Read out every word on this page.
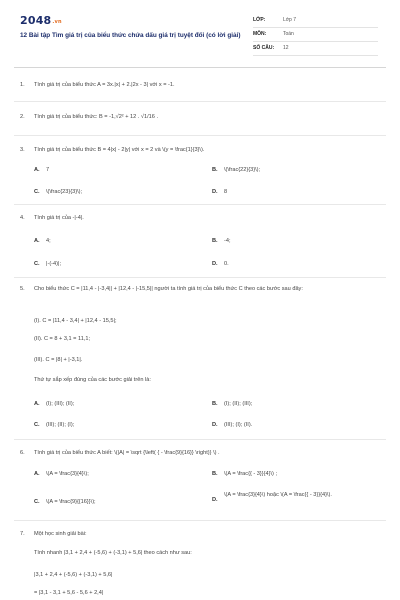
2048.vn
12 Bài tập Tìm giá trị của biểu thức chứa dấu giá trị tuyệt đối (có lời giải)
LỚP:	Lớp 7
MÔN:	Toán
SỐ CÂU:	12
1. Tính giá trị của biểu thức A = 3x.|x| + 2.|2x - 3| với x = -1.
2. Tính giá trị của biểu thức: B = -1,√2² + 12 . √1/16 .
3. Tính giá trị của biểu thức B = 4|x| - 2|y| với x = 2 và \(y = \frac{1}{3}\).
A. 7	B. \(\frac{22}{3}\);
C. \(\frac{23}{3}\);	D. 8
4. Tính giá trị của -|-4|.
A. 4;	B. -4;
C. |-(-4)|;	D. 0.
5. Cho biểu thức C = |11,4 - |-3,4|| + |12,4 - |-15,5|| người ta tính giá trị của biểu thức C theo các bước sau đây:
(I). C = |11,4 - 3,4| + |12,4 - 15,5|;
(II). C = 8 + 3,1 = 11,1;
(III). C = |8| + |-3,1|.
Thứ tự sắp xếp đúng của các bước giải trên là:
A. (I); (III); (II);	B. (I); (II); (III);
C. (III); (II); (I);	D. (III); (I); (II).
6. Tính giá trị của biểu thức A biết: \(|A| = \sqrt {\left( { - \frac{9}{16}} \right)} \) .
A. \(A = \frac{3}{4}\);	B. \(A = \frac{{ - 3}}{4}\) ;
C. \(A = \frac{9}{{16}}\);	D.
\(A = \frac{3}{4}\) hoặc \(A = \frac{{ - 3}}{4}\).
7. Một học sinh giải bài:
Tính nhanh |3,1 + 2,4 + (-5,6) + (-3,1) + 5,6| theo cách như sau:
|3,1 + 2,4 + (-5,6) + (-3,1) + 5,6|
= |3,1 - 3,1 + 5,6 - 5,6 + 2,4|
